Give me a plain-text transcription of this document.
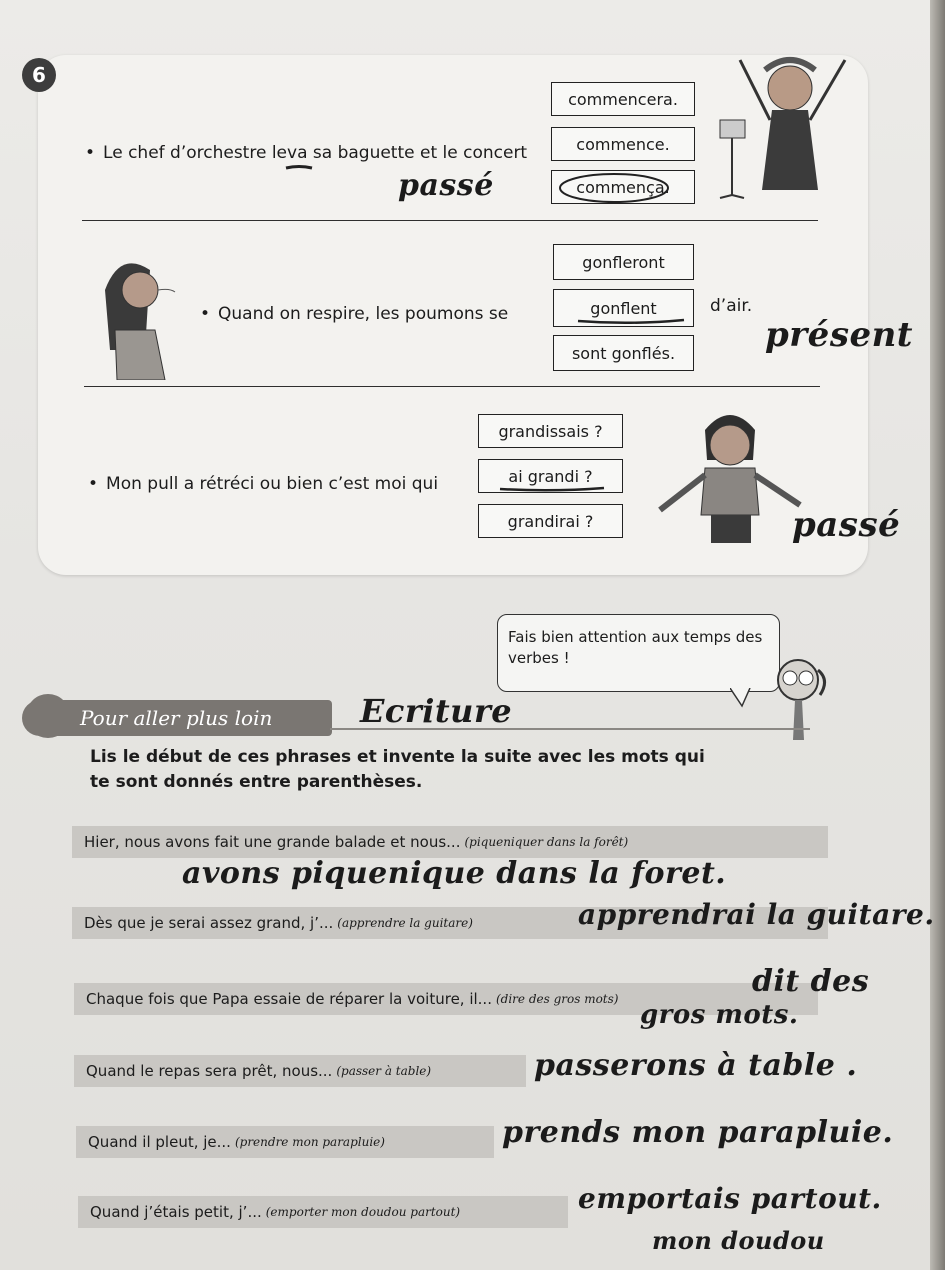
6
• Le chef d’orchestre leva sa baguette et le concert
commencera.
commence.
commença.
passé
• Quand on respire, les poumons se
gonfleront
gonflent
sont gonflés.
d’air.
présent
• Mon pull a rétréci ou bien c’est moi qui
grandissais ?
ai grandi ?
grandirai ?	passé
Fais bien attention aux temps des verbes !
Pour aller plus loin	Ecriture
Lis le début de ces phrases et invente la suite avec les mots qui te sont donnés entre parenthèses.
Hier, nous avons fait une grande balade et nous... (piqueniquer dans la forêt)
avons piquenique dans la foret.
Dès que je serai assez grand, j’... (apprendre la guitare)	apprendrai la guitare.
Chaque fois que Papa essaie de réparer la voiture, il... (dire des gros mots)	dit des
gros mots.
Quand le repas sera prêt, nous... (passer à table)	passerons à table .
Quand il pleut, je... (prendre mon parapluie)	prends mon parapluie.
Quand j’étais petit, j’... (emporter mon doudou partout)	emportais partout.
mon doudou
